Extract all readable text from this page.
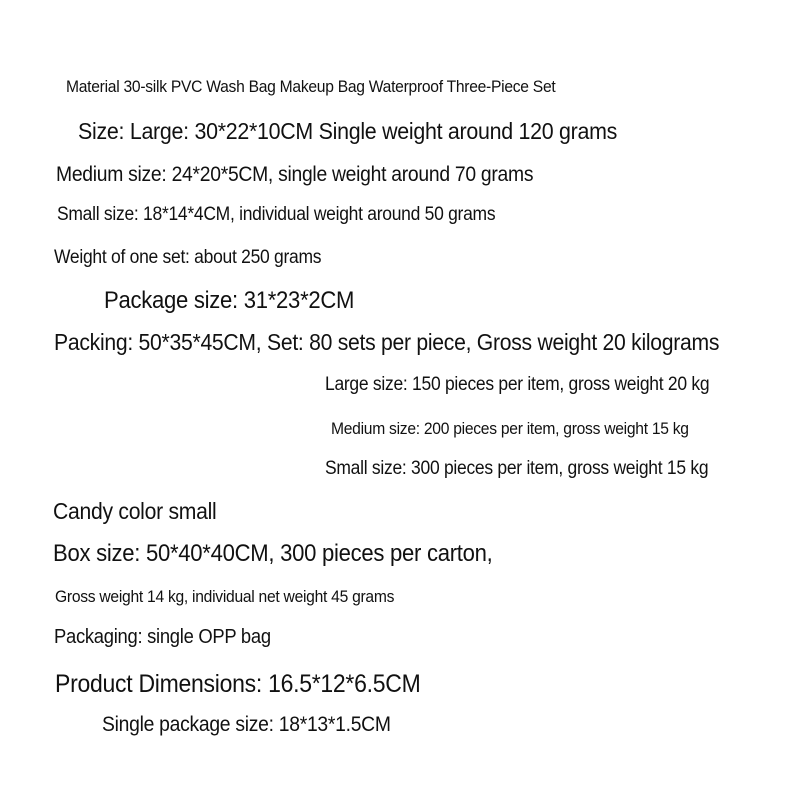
Material 30-silk PVC Wash Bag Makeup Bag Waterproof Three-Piece Set
Size: Large: 30*22*10CM Single weight around 120 grams
Medium size: 24*20*5CM, single weight around 70 grams
Small size: 18*14*4CM, individual weight around 50 grams
Weight of one set: about 250 grams
Package size: 31*23*2CM
Packing: 50*35*45CM, Set: 80 sets per piece, Gross weight 20 kilograms
Large size: 150 pieces per item, gross weight 20 kg
Medium size: 200 pieces per item, gross weight 15 kg
Small size: 300 pieces per item, gross weight 15 kg
Candy color small
Box size: 50*40*40CM, 300 pieces per carton,
Gross weight 14 kg, individual net weight 45 grams
Packaging: single OPP bag
Product Dimensions: 16.5*12*6.5CM
Single package size: 18*13*1.5CM
